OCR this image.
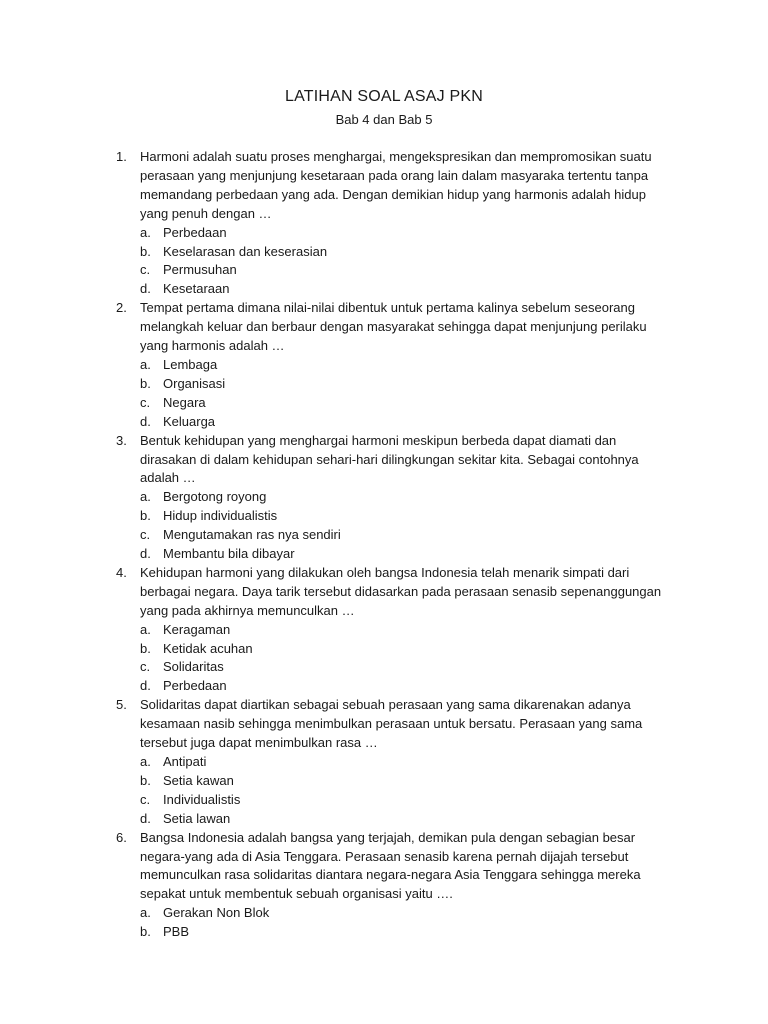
LATIHAN SOAL ASAJ PKN
Bab 4 dan Bab 5
1.	Harmoni adalah suatu proses menghargai, mengekspresikan dan mempromosikan suatu perasaan yang menjunjung kesetaraan pada orang lain dalam masyaraka tertentu tanpa memandang perbedaan yang ada. Dengan demikian hidup yang harmonis adalah hidup yang penuh dengan …
a. Perbedaan
b. Keselarasan dan keserasian
c. Permusuhan
d. Kesetaraan
2.	Tempat pertama dimana nilai-nilai dibentuk untuk pertama kalinya sebelum seseorang melangkah keluar dan berbaur dengan masyarakat sehingga dapat menjunjung perilaku yang harmonis adalah …
a. Lembaga
b. Organisasi
c. Negara
d. Keluarga
3.	Bentuk kehidupan yang menghargai harmoni meskipun berbeda dapat diamati dan dirasakan di dalam kehidupan sehari-hari dilingkungan sekitar kita. Sebagai contohnya adalah …
a. Bergotong royong
b. Hidup individualistis
c. Mengutamakan ras nya sendiri
d. Membantu bila dibayar
4.	Kehidupan harmoni yang dilakukan oleh bangsa Indonesia telah menarik simpati dari berbagai negara. Daya tarik tersebut didasarkan pada perasaan senasib sepenanggungan yang pada akhirnya memunculkan …
a. Keragaman
b. Ketidak acuhan
c. Solidaritas
d. Perbedaan
5.	Solidaritas dapat diartikan sebagai sebuah perasaan yang sama dikarenakan adanya kesamaan nasib sehingga menimbulkan perasaan untuk bersatu. Perasaan yang sama tersebut juga dapat menimbulkan rasa …
a. Antipati
b. Setia kawan
c. Individualistis
d. Setia lawan
6.	Bangsa Indonesia adalah bangsa yang terjajah, demikan pula dengan sebagian besar negara-yang ada di Asia Tenggara. Perasaan senasib karena pernah dijajah tersebut memunculkan rasa solidaritas diantara negara-negara Asia Tenggara sehingga mereka sepakat untuk membentuk sebuah organisasi yaitu ….
a. Gerakan Non Blok
b. PBB
